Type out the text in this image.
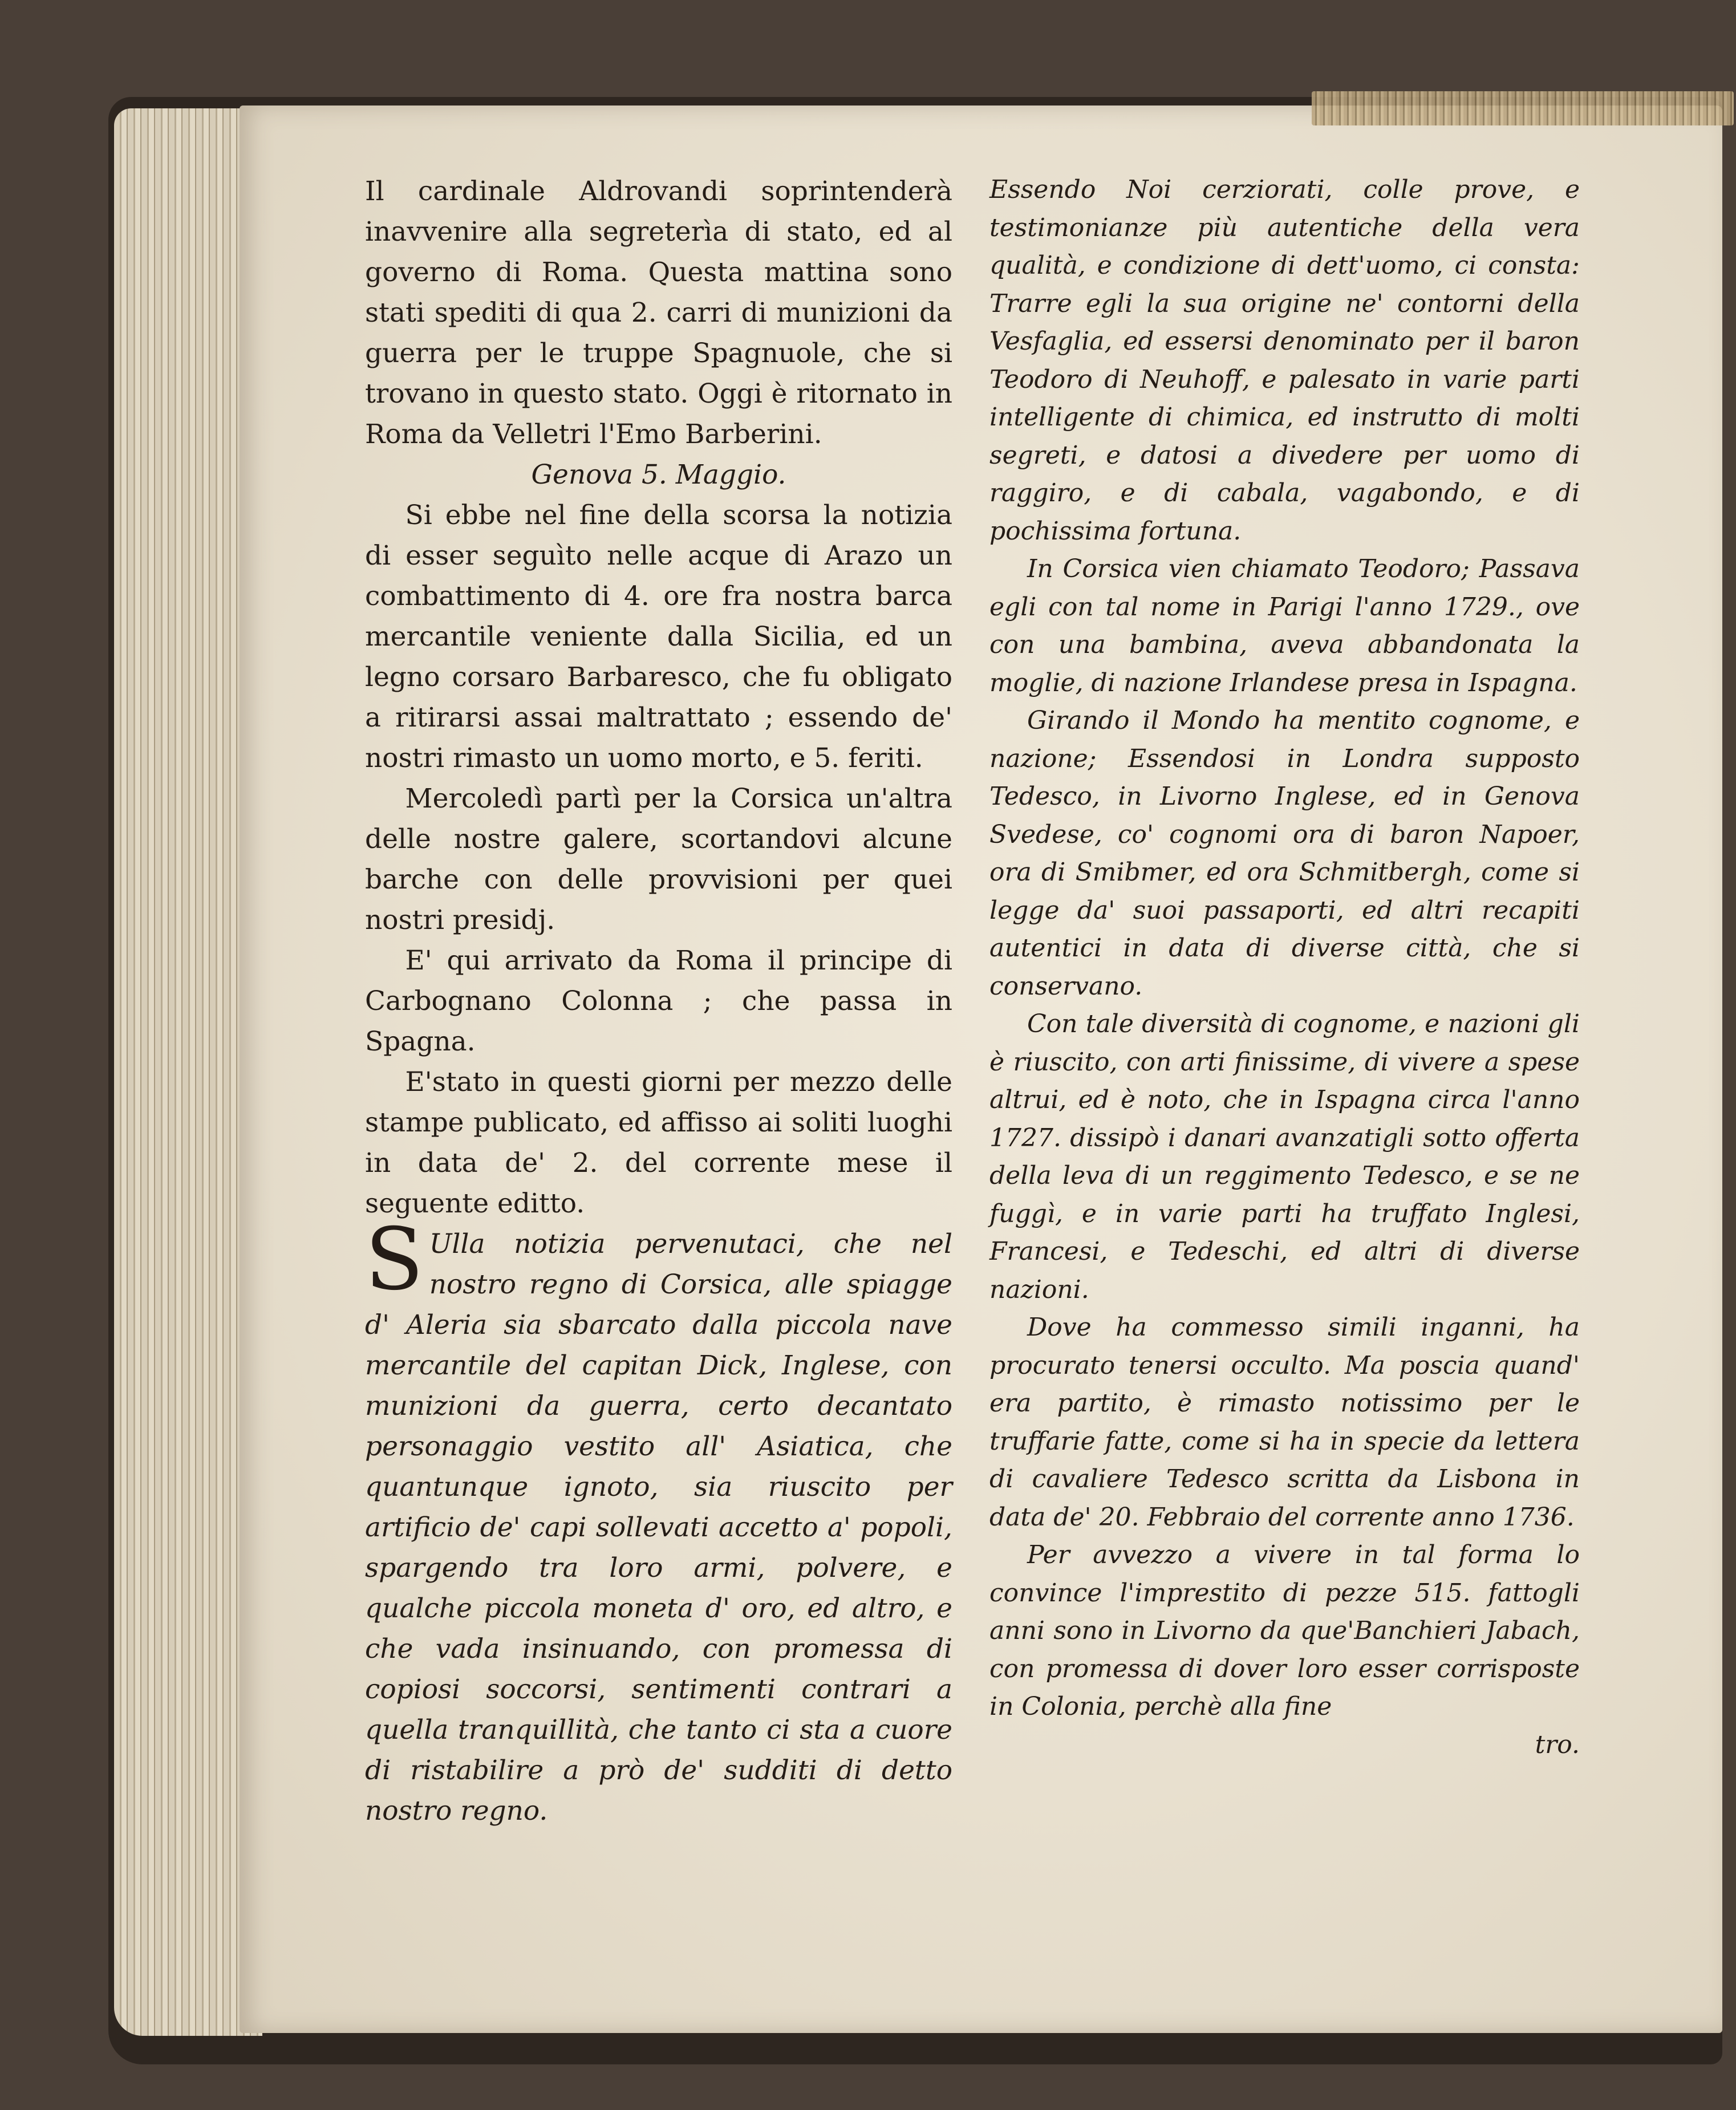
Il cardinale Aldrovandi soprintenderà inavvenire alla segreterìa di stato, ed al governo di Roma. Questa mattina sono stati spediti di qua 2. carri di munizioni da guerra per le truppe Spagnuole, che si trovano in questo stato. Oggi è ritornato in Roma da Velletri l'Emo Barberini.

Genova 5. Maggio.

Si ebbe nel fine della scorsa la notizia di esser seguìto nelle acque di Arazo un combattimento di 4. ore fra nostra barca mercantile veniente dalla Sicilia, ed un legno corsaro Barbaresco, che fu obligato a ritirarsi assai maltrattato ; essendo de' nostri rimasto un uomo morto, e 5. feriti.

Mercoledì partì per la Corsica un'altra delle nostre galere, scortandovi alcune barche con delle provvisioni per quei nostri presidj.

E' qui arrivato da Roma il principe di Carbognano Colonna ; che passa in Spagna.

E'stato in questi giorni per mezzo delle stampe publicato, ed affisso ai soliti luoghi in data de' 2. del corrente mese il seguente editto.

S Ulla notizia pervenutaci, che nel nostro regno di Corsica, alle spiagge d' Aleria sia sbarcato dalla piccola nave mercantile del capitan Dick, Inglese, con munizioni da guerra, certo decantato personaggio vestito all' Asiatica, che quantunque ignoto, sia riuscito per artificio de' capi sollevati accetto a' popoli, spargendo tra loro armi, polvere, e qualche piccola moneta d' oro, ed altro, e che vada insinuando, con promessa di copiosi soccorsi, sentimenti contrari a quella tranquillità, che tanto ci sta a cuore di ristabilire a prò de' sudditi di detto nostro regno.

Essendo Noi cerziorati, colle prove, e testimonianze più autentiche della vera qualità, e condizione di dett'uomo, ci consta: Trarre egli la sua origine ne' contorni della Vesfaglia, ed essersi denominato per il baron Teodoro di Neuhoff, e palesato in varie parti intelligente di chimica, ed instrutto di molti segreti, e datosi a divedere per uomo di raggiro, e di cabala, vagabondo, e di pochissima fortuna.

In Corsica vien chiamato Teodoro; Passava egli con tal nome in Parigi l'anno 1729., ove con una bambina, aveva abbandonata la moglie, di nazione Irlandese presa in Ispagna.

Girando il Mondo ha mentito cognome, e nazione; Essendosi in Londra supposto Tedesco, in Livorno Inglese, ed in Genova Svedese, co' cognomi ora di baron Napoer, ora di Smibmer, ed ora Schmitbergh, come si legge da' suoi passaporti, ed altri recapiti autentici in data di diverse città, che si conservano.

Con tale diversità di cognome, e nazioni gli è riuscito, con arti finissime, di vivere a spese altrui, ed è noto, che in Ispagna circa l'anno 1727. dissipò i danari avanzatigli sotto offerta della leva di un reggimento Tedesco, e se ne fuggì, e in varie parti ha truffato Inglesi, Francesi, e Tedeschi, ed altri di diverse nazioni.

Dove ha commesso simili inganni, ha procurato tenersi occulto. Ma poscia quand' era partito, è rimasto notissimo per le truffarie fatte, come si ha in specie da lettera di cavaliere Tedesco scritta da Lisbona in data de' 20. Febbraio del corrente anno 1736.

Per avvezzo a vivere in tal forma lo convince l'imprestito di pezze 515. fattogli anni sono in Livorno da que'Banchieri Jabach, con promessa di dover loro esser corrisposte in Colonia, perchè alla fine

tro.
